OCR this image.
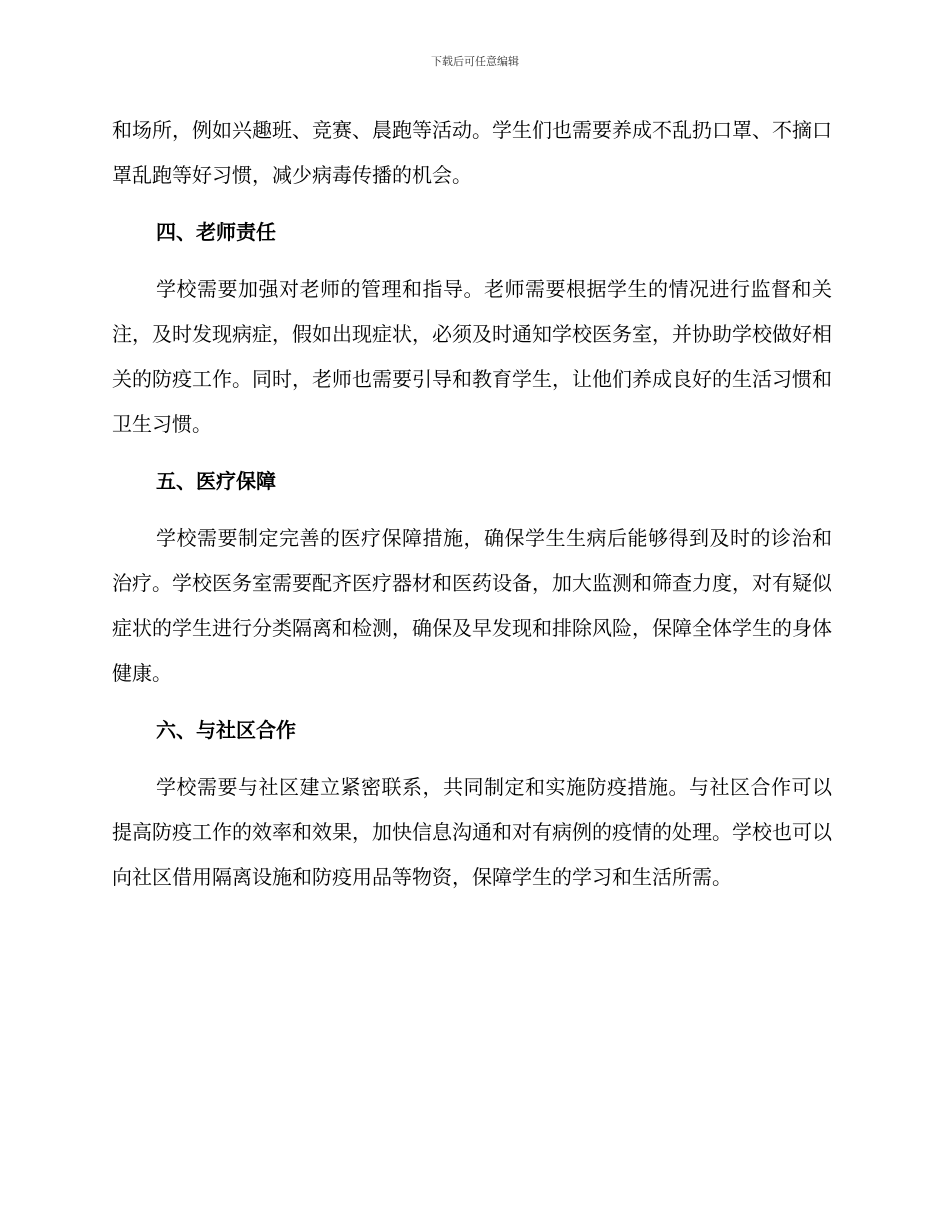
下载后可任意编辑

和场所，例如兴趣班、竞赛、晨跑等活动。学生们也需要养成不乱扔口罩、不摘口罩乱跑等好习惯，减少病毒传播的机会。

四、老师责任

学校需要加强对老师的管理和指导。老师需要根据学生的情况进行监督和关注，及时发现病症，假如出现症状，必须及时通知学校医务室，并协助学校做好相关的防疫工作。同时，老师也需要引导和教育学生，让他们养成良好的生活习惯和卫生习惯。

五、医疗保障

学校需要制定完善的医疗保障措施，确保学生生病后能够得到及时的诊治和治疗。学校医务室需要配齐医疗器材和医药设备，加大监测和筛查力度，对有疑似症状的学生进行分类隔离和检测，确保及早发现和排除风险，保障全体学生的身体健康。

六、与社区合作

学校需要与社区建立紧密联系，共同制定和实施防疫措施。与社区合作可以提高防疫工作的效率和效果，加快信息沟通和对有病例的疫情的处理。学校也可以向社区借用隔离设施和防疫用品等物资，保障学生的学习和生活所需。
